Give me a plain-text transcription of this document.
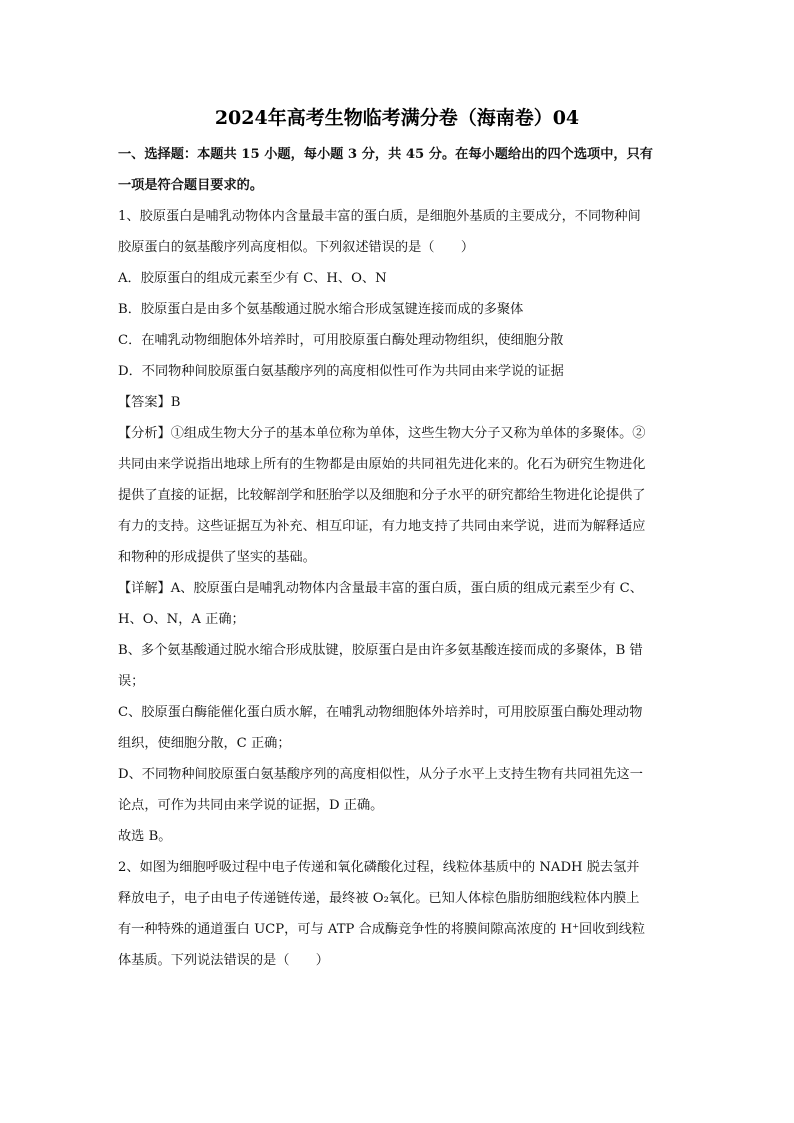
2024年高考生物临考满分卷（海南卷）04
一、选择题：本题共 15 小题，每小题 3 分，共 45 分。在每小题给出的四个选项中，只有
一项是符合题目要求的。
1、胶原蛋白是哺乳动物体内含量最丰富的蛋白质，是细胞外基质的主要成分，不同物种间
胶原蛋白的氨基酸序列高度相似。下列叙述错误的是（　　）
A．胶原蛋白的组成元素至少有 C、H、O、N
B．胶原蛋白是由多个氨基酸通过脱水缩合形成氢键连接而成的多聚体
C．在哺乳动物细胞体外培养时，可用胶原蛋白酶处理动物组织，使细胞分散
D．不同物种间胶原蛋白氨基酸序列的高度相似性可作为共同由来学说的证据
【答案】B
【分析】①组成生物大分子的基本单位称为单体，这些生物大分子又称为单体的多聚体。②
共同由来学说指出地球上所有的生物都是由原始的共同祖先进化来的。化石为研究生物进化
提供了直接的证据，比较解剖学和胚胎学以及细胞和分子水平的研究都给生物进化论提供了
有力的支持。这些证据互为补充、相互印证，有力地支持了共同由来学说，进而为解释适应
和物种的形成提供了坚实的基础。
【详解】A、胶原蛋白是哺乳动物体内含量最丰富的蛋白质，蛋白质的组成元素至少有 C、
H、O、N，A 正确；
B、多个氨基酸通过脱水缩合形成肽键，胶原蛋白是由许多氨基酸连接而成的多聚体，B 错
误；
C、胶原蛋白酶能催化蛋白质水解，在哺乳动物细胞体外培养时，可用胶原蛋白酶处理动物
组织，使细胞分散，C 正确；
D、不同物种间胶原蛋白氨基酸序列的高度相似性，从分子水平上支持生物有共同祖先这一
论点，可作为共同由来学说的证据，D 正确。
故选 B。
2、如图为细胞呼吸过程中电子传递和氧化磷酸化过程，线粒体基质中的 NADH 脱去氢并
释放电子，电子由电子传递链传递，最终被 O₂氧化。已知人体棕色脂肪细胞线粒体内膜上
有一种特殊的通道蛋白 UCP，可与 ATP 合成酶竞争性的将膜间隙高浓度的 H⁺回收到线粒
体基质。下列说法错误的是（　　）
